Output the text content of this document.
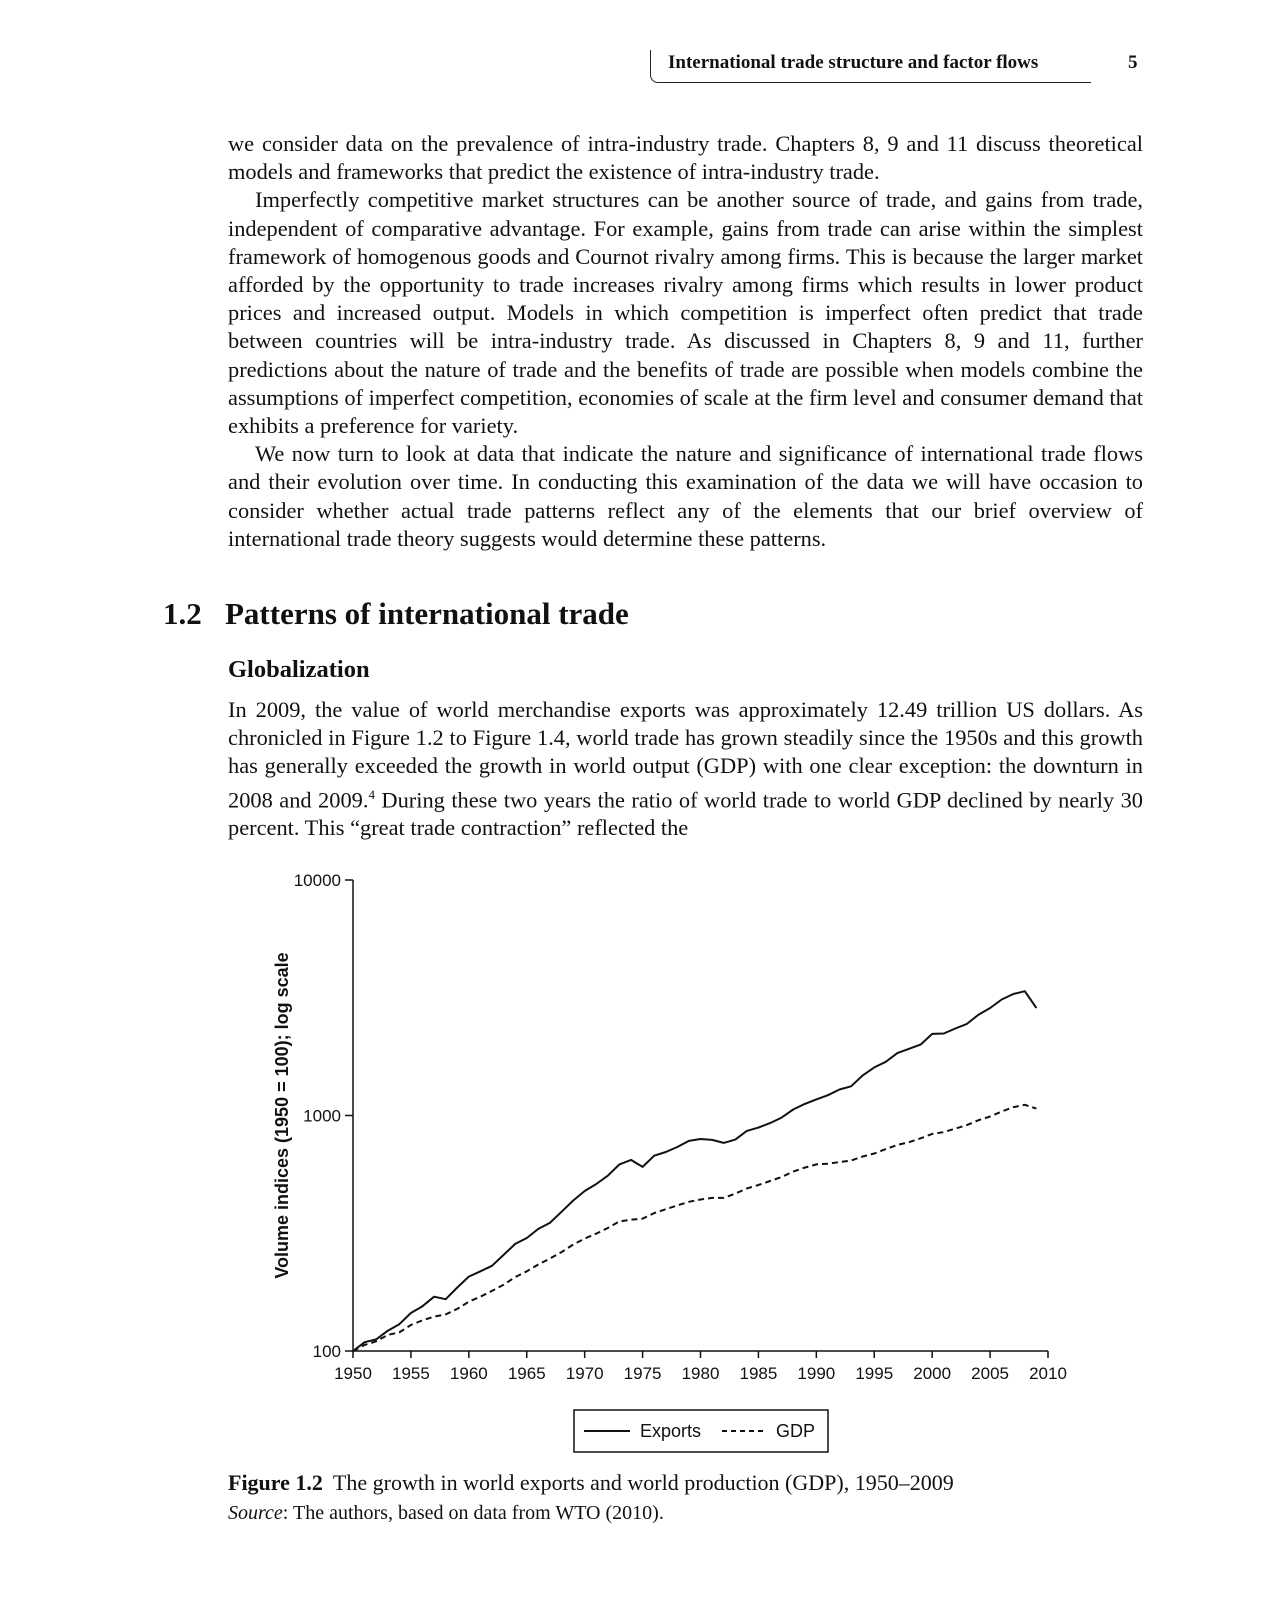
International trade structure and factor flows	5

we consider data on the prevalence of intra-industry trade. Chapters 8, 9 and 11 discuss theoretical models and frameworks that predict the existence of intra-industry trade.

Imperfectly competitive market structures can be another source of trade, and gains from trade, independent of comparative advantage. For example, gains from trade can arise within the simplest framework of homogenous goods and Cournot rivalry among firms. This is because the larger market afforded by the opportunity to trade increases rivalry among firms which results in lower product prices and increased output. Models in which competition is imperfect often predict that trade between countries will be intra-industry trade. As discussed in Chapters 8, 9 and 11, further predictions about the nature of trade and the benefits of trade are possible when models combine the assumptions of imperfect competition, economies of scale at the firm level and consumer demand that exhibits a preference for variety.

We now turn to look at data that indicate the nature and significance of international trade flows and their evolution over time. In conducting this examination of the data we will have occasion to consider whether actual trade patterns reflect any of the elements that our brief overview of international trade theory suggests would determine these patterns.

1.2 Patterns of international trade
Globalization

In 2009, the value of world merchandise exports was approximately 12.49 trillion US dollars. As chronicled in Figure 1.2 to Figure 1.4, world trade has grown steadily since the 1950s and this growth has generally exceeded the growth in world output (GDP) with one clear exception: the downturn in 2008 and 2009.$^4$ During these two years the ratio of world trade to world GDP declined by nearly 30 percent. This “great trade contraction” reflected the

100
1000
10000
1950 1955 1960 1965 1970 1975 1980 1985 1990 1995 2000 2005 2010
Volume indices (1950 = 100); log scale
Exports	GDP
Figure 1.2 The growth in world exports and world production (GDP), 1950–2009
Source: The authors, based on data from WTO (2010).
